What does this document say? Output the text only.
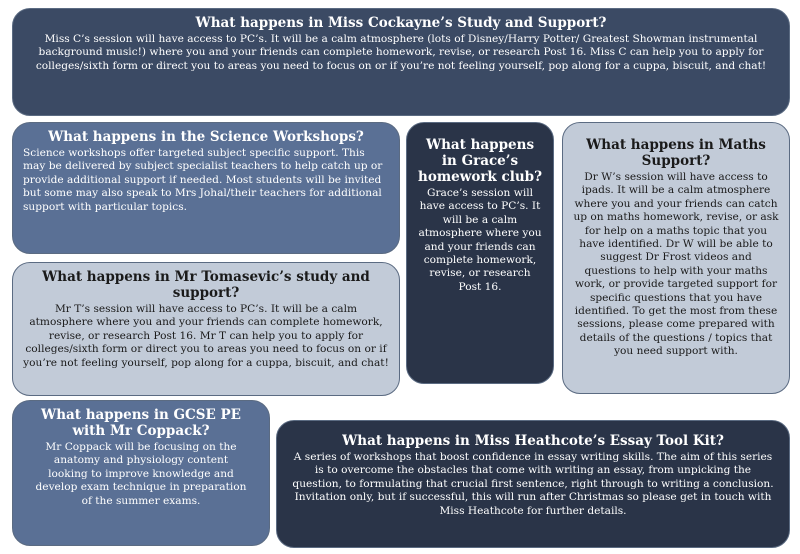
What happens in Miss Cockayne’s Study and Support?

Miss C’s session will have access to PC’s. It will be a calm atmosphere (lots of Disney/Harry Potter/ Greatest Showman instrumental background music!) where you and your friends can complete homework, revise, or research Post 16. Miss C can help you to apply for colleges/sixth form or direct you to areas you need to focus on or if you’re not feeling yourself, pop along for a cuppa, biscuit, and chat!

What happens in the Science Workshops?

Science workshops offer targeted subject specific support. This may be delivered by subject specialist teachers to help catch up or provide additional support if needed. Most students will be invited but some may also speak to Mrs Johal/their teachers for additional support with particular topics.

What happens in Grace’s homework club?

Grace’s session will have access to PC’s. It will be a calm atmosphere where you and your friends can complete homework, revise, or research Post 16.

What happens in Maths Support?

Dr W’s session will have access to ipads. It will be a calm atmosphere where you and your friends can catch up on maths homework, revise, or ask for help on a maths topic that you have identified. Dr W will be able to suggest Dr Frost videos and questions to help with your maths work, or provide targeted support for specific questions that you have identified. To get the most from these sessions, please come prepared with details of the questions / topics that you need support with.

What happens in Mr Tomasevic’s study and support?

Mr T’s session will have access to PC’s. It will be a calm atmosphere where you and your friends can complete homework, revise, or research Post 16. Mr T can help you to apply for colleges/sixth form or direct you to areas you need to focus on or if you’re not feeling yourself, pop along for a cuppa, biscuit, and chat!

What happens in GCSE PE with Mr Coppack?

Mr Coppack will be focusing on the anatomy and physiology content looking to improve knowledge and develop exam technique in preparation of the summer exams.

What happens in Miss Heathcote’s Essay Tool Kit?

A series of workshops that boost confidence in essay writing skills. The aim of this series is to overcome the obstacles that come with writing an essay, from unpicking the question, to formulating that crucial first sentence, right through to writing a conclusion. Invitation only, but if successful, this will run after Christmas so please get in touch with Miss Heathcote for further details.
